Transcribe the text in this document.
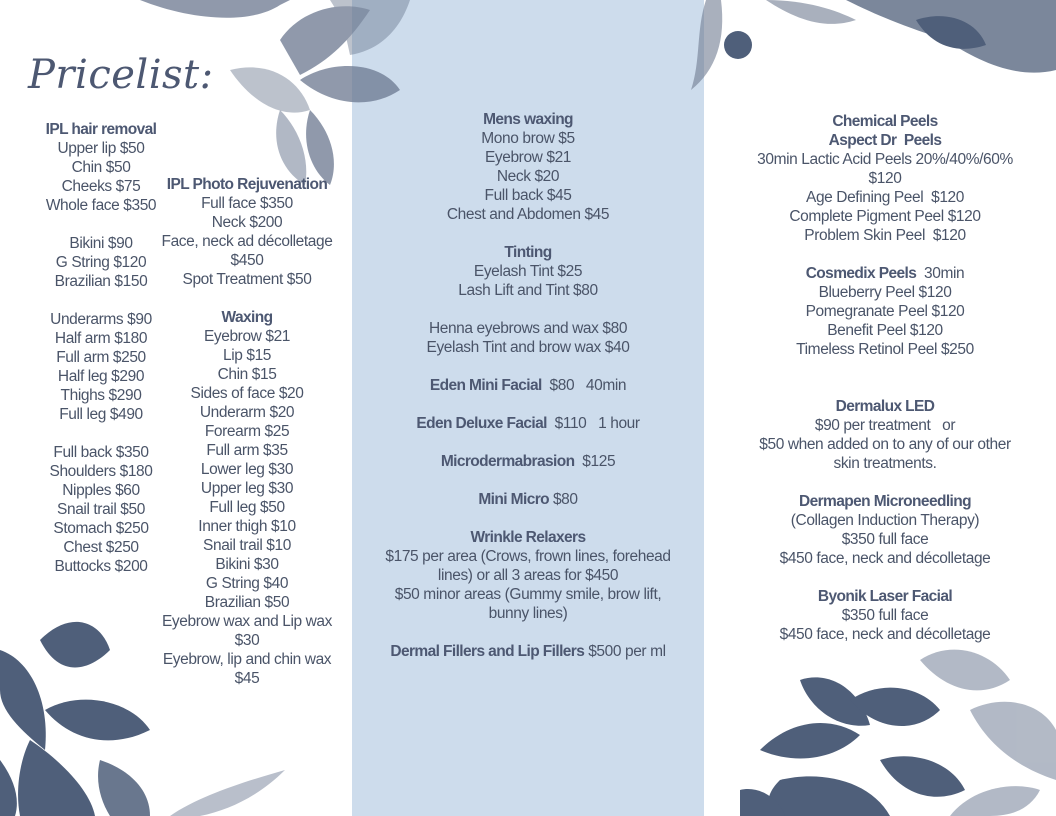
Pricelist:
IPL hair removal
Upper lip $50
Chin $50
Cheeks $75
Whole face $350
Bikini $90
G String $120
Brazilian $150
Underarms $90
Half arm $180
Full arm $250
Half leg $290
Thighs $290
Full leg $490
Full back $350
Shoulders $180
Nipples $60
Snail trail $50
Stomach $250
Chest $250
Buttocks $200
IPL Photo Rejuvenation
Full face $350
Neck $200
Face, neck ad décolletage
$450
Spot Treatment $50
Waxing
Eyebrow $21
Lip $15
Chin $15
Sides of face $20
Underarm $20
Forearm $25
Full arm $35
Lower leg $30
Upper leg $30
Full leg $50
Inner thigh $10
Snail trail $10
Bikini $30
G String $40
Brazilian $50
Eyebrow wax and Lip wax
$30
Eyebrow, lip and chin wax
$45
Mens waxing
Mono brow $5
Eyebrow $21
Neck $20
Full back $45
Chest and Abdomen $45
Tinting
Eyelash Tint $25
Lash Lift and Tint $80
Henna eyebrows and wax $80
Eyelash Tint and brow wax $40
Eden Mini Facial $80   40min
Eden Deluxe Facial $110   1 hour
Microdermabrasion $125
Mini Micro $80
Wrinkle Relaxers
$175 per area (Crows, frown lines, forehead
lines) or all 3 areas for $450
$50 minor areas (Gummy smile, brow lift,
bunny lines)
Dermal Fillers and Lip Fillers $500 per ml
Chemical Peels
Aspect Dr  Peels
30min Lactic Acid Peels 20%/40%/60%
$120
Age Defining Peel  $120
Complete Pigment Peel $120
Problem Skin Peel  $120
Cosmedix Peels 30min
Blueberry Peel $120
Pomegranate Peel $120
Benefit Peel $120
Timeless Retinol Peel $250
Dermalux LED
$90 per treatment   or
$50 when added on to any of our other
skin treatments.
Dermapen Microneedling
(Collagen Induction Therapy)
$350 full face
$450 face, neck and décolletage
Byonik Laser Facial
$350 full face
$450 face, neck and décolletage
